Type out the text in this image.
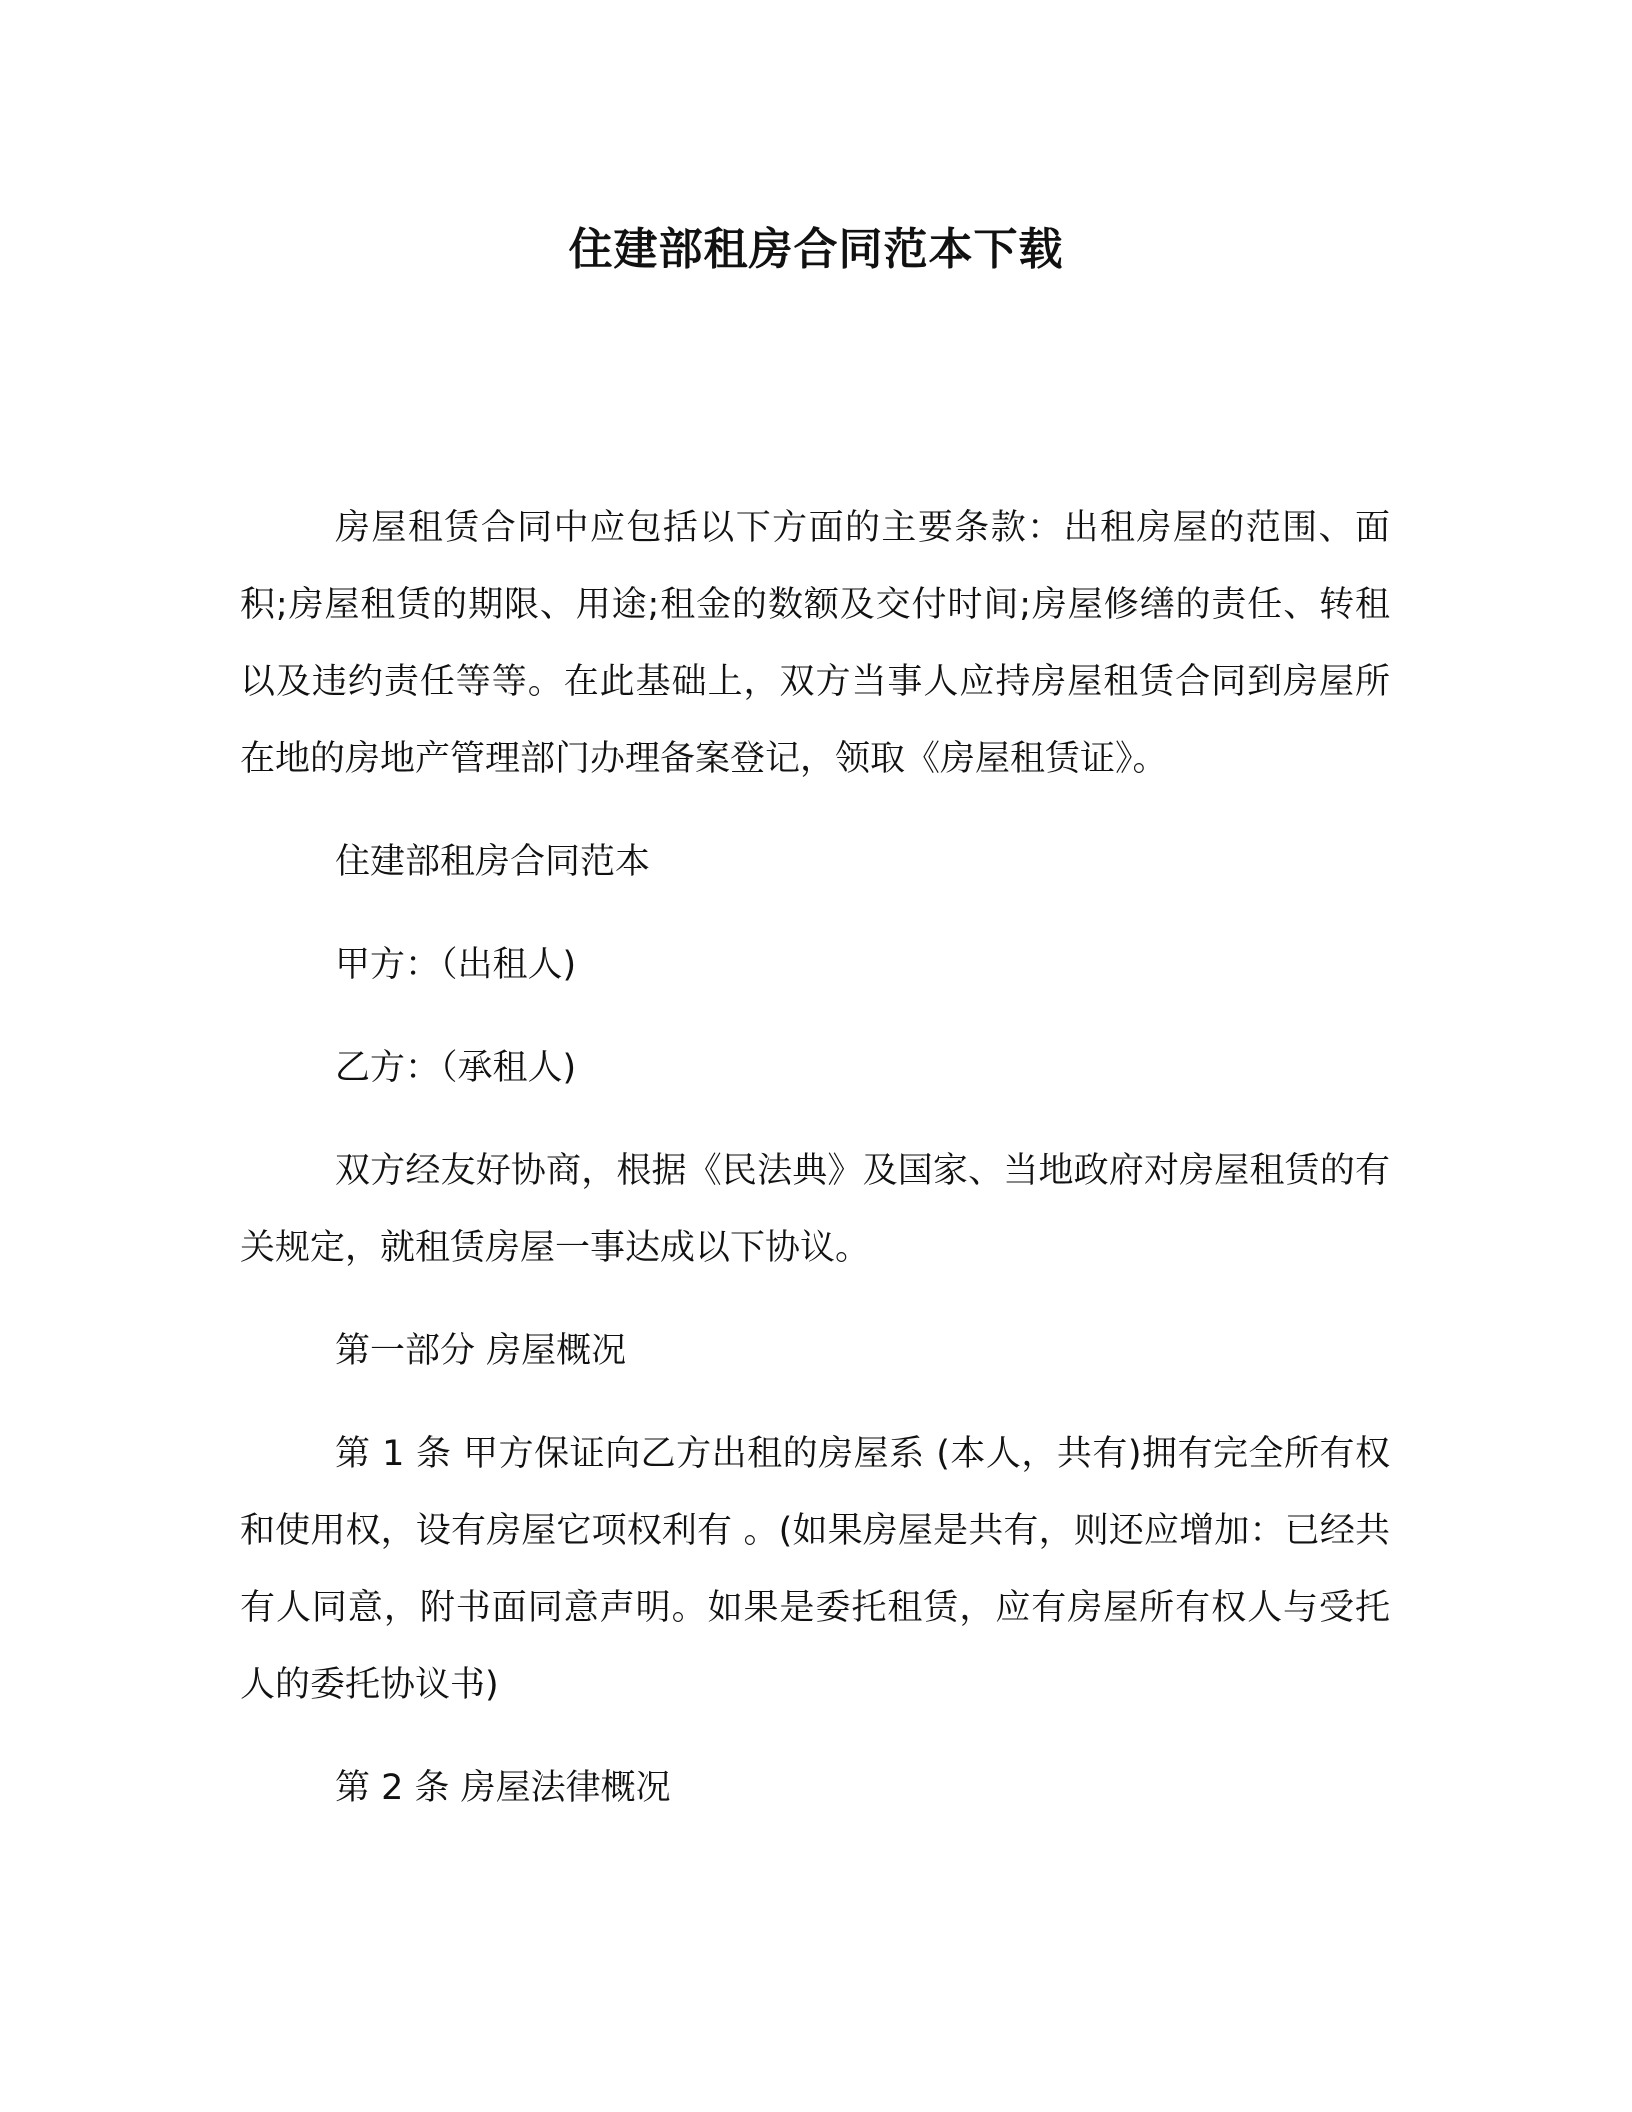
住建部租房合同范本下载

房屋租赁合同中应包括以下方面的主要条款：出租房屋的范围、面积;房屋租赁的期限、用途;租金的数额及交付时间;房屋修缮的责任、转租以及违约责任等等。在此基础上，双方当事人应持房屋租赁合同到房屋所在地的房地产管理部门办理备案登记，领取《房屋租赁证》。

住建部租房合同范本

甲方：（出租人)

乙方：（承租人)

双方经友好协商，根据《民法典》及国家、当地政府对房屋租赁的有关规定，就租赁房屋一事达成以下协议。

第一部分 房屋概况

第 1 条 甲方保证向乙方出租的房屋系 (本人，共有)拥有完全所有权和使用权，设有房屋它项权利有 。(如果房屋是共有，则还应增加：已经共有人同意，附书面同意声明。如果是委托租赁，应有房屋所有权人与受托人的委托协议书)

第 2 条 房屋法律概况
